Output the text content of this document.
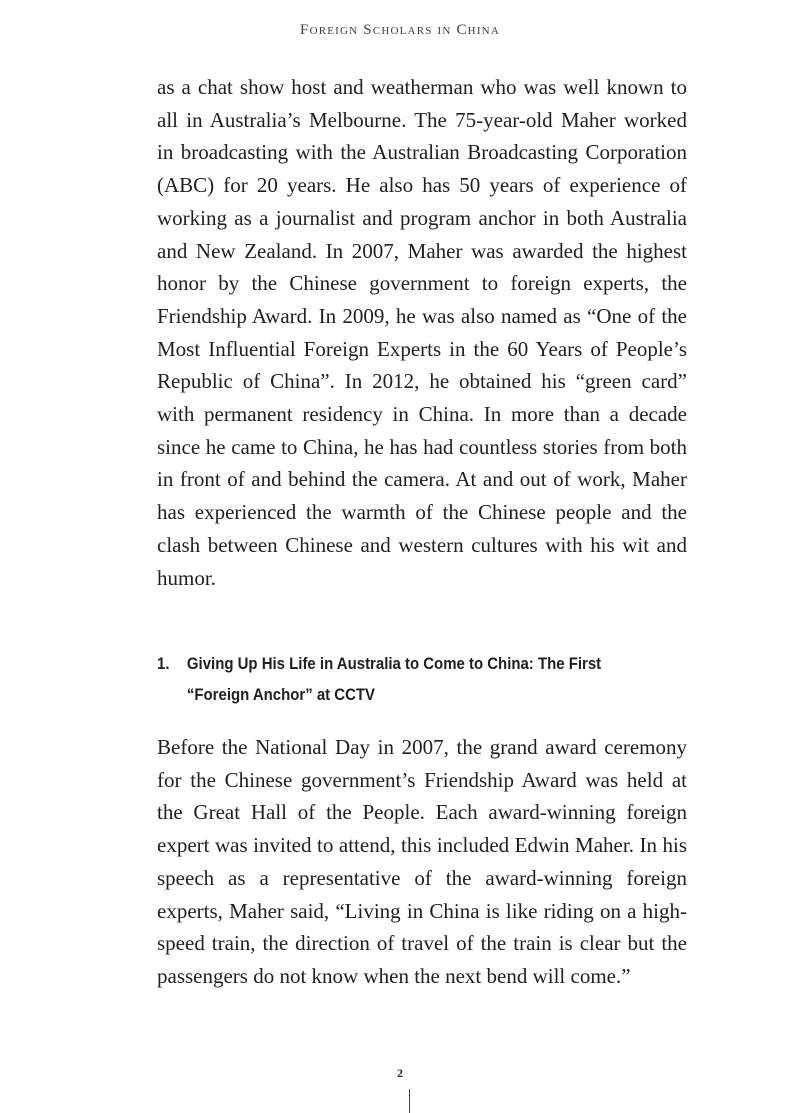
Foreign Scholars in China

as a chat show host and weatherman who was well known to all in Australia’s Melbourne. The 75-year-old Maher worked in broadcasting with the Australian Broadcasting Corporation (ABC) for 20 years. He also has 50 years of experience of working as a journalist and program anchor in both Australia and New Zealand. In 2007, Maher was awarded the highest honor by the Chinese government to foreign experts, the Friendship Award. In 2009, he was also named as “One of the Most Influential Foreign Experts in the 60 Years of People’s Republic of China”. In 2012, he obtained his “green card” with permanent residency in China. In more than a decade since he came to China, he has had countless stories from both in front of and behind the camera. At and out of work, Maher has experienced the warmth of the Chinese people and the clash between Chinese and western cultures with his wit and humor.

1. Giving Up His Life in Australia to Come to China: The First
“Foreign Anchor” at CCTV

Before the National Day in 2007, the grand award ceremony for the Chinese government’s Friendship Award was held at the Great Hall of the People. Each award-winning foreign expert was invited to attend, this included Edwin Maher. In his speech as a representative of the award-winning foreign experts, Maher said, “Living in China is like riding on a high-speed train, the direction of travel of the train is clear but the passengers do not know when the next bend will come.”

2
